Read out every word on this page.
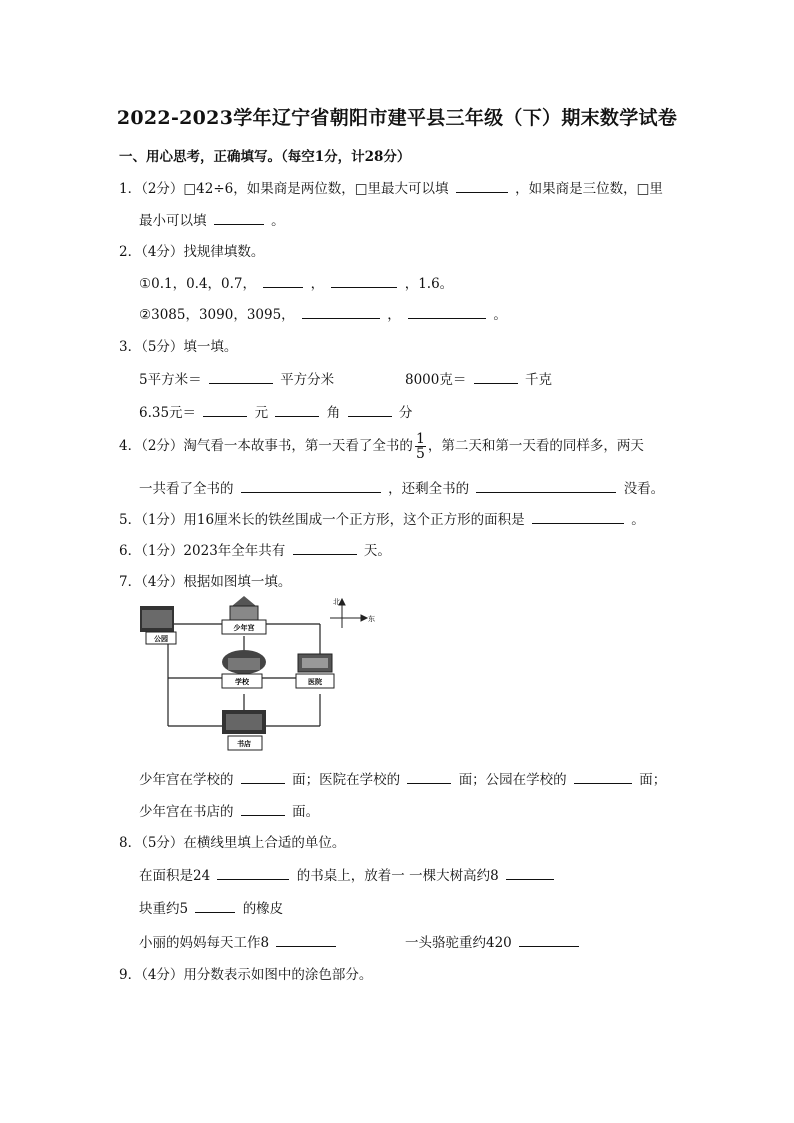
2022-2023学年辽宁省朝阳市建平县三年级（下）期末数学试卷
一、用心思考，正确填写。（每空1分，计28分）
1．（2分）□42÷6，如果商是两位数，□里最大可以填	，如果商是三位数，□里
最小可以填	。
2．（4分）找规律填数。
①0.1，0.4，0.7，	，	，1.6。
②3085，3090，3095，	，	。
3．（5分）填一填。
5平方米＝	平方分米	8000克＝	千克
6.35元＝	元	角	分
4．（2分）淘气看一本故事书，第一天看了全书的 $\frac{1}{5}$ ，第二天和第一天看的同样多，两天
一共看了全书的	，还剩全书的	没看。
5．（1分）用16厘米长的铁丝围成一个正方形，这个正方形的面积是	。
6．（1分）2023年全年共有	天。
7．（4分）根据如图填一填。
公园
少年宫
学校	医院
书店
北
东
少年宫在学校的	面；医院在学校的	面；公园在学校的	面；
少年宫在书店的	面。
8．（5分）在横线里填上合适的单位。
在面积是24	的书桌上，放着一 一棵大树高约8
块重约5	的橡皮
小丽的妈妈每天工作8	一头骆驼重约420
9．（4分）用分数表示如图中的涂色部分。
